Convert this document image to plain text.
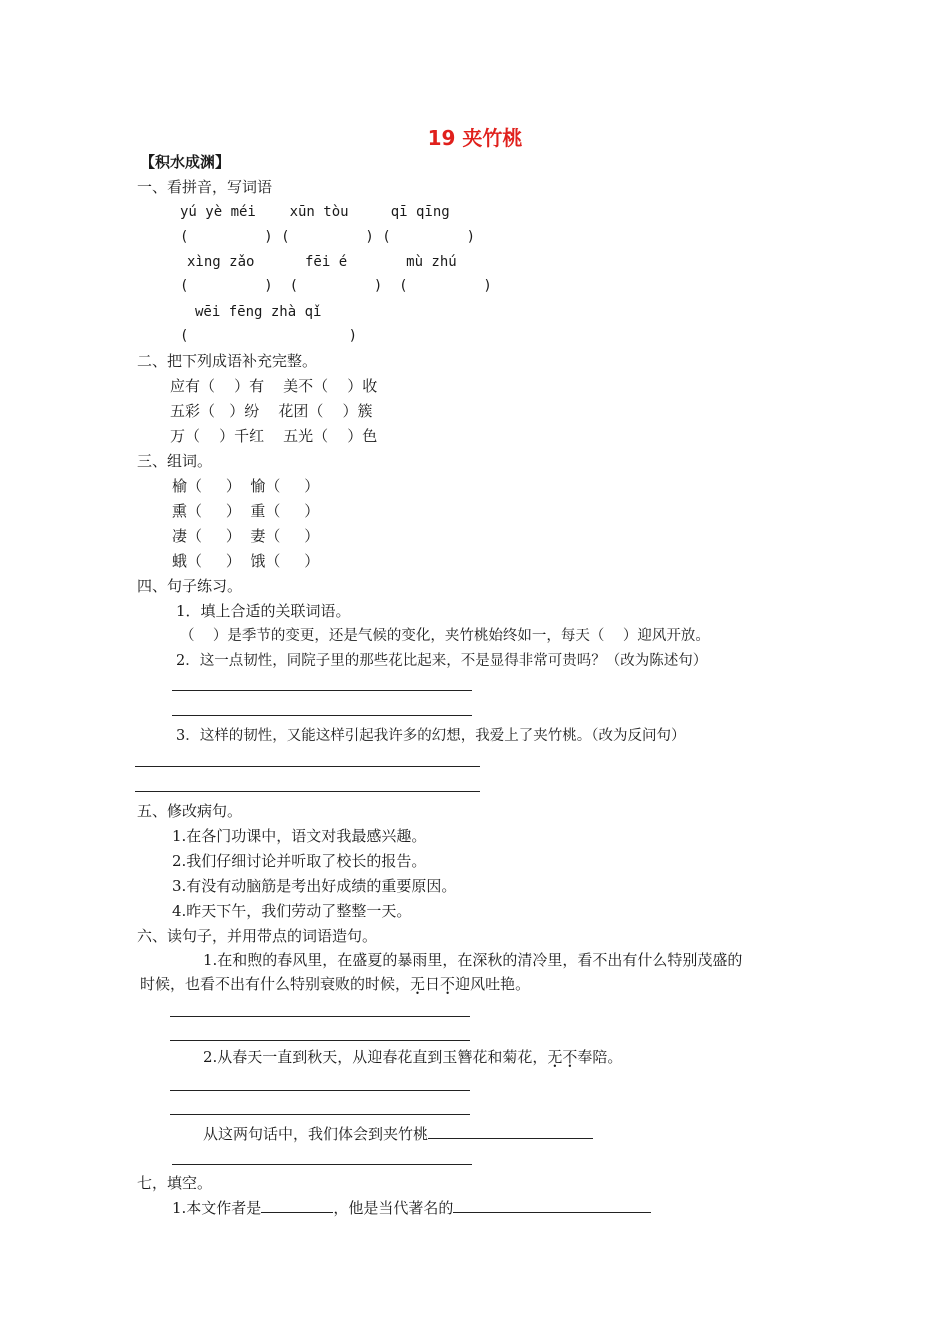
19 夹竹桃
【积水成渊】
一、看拼音，写词语
yú yè méi    xūn tòu     qī qīng
(         ) (         ) (         )
xìng zǎo      fēi é       mù zhú
(         )  (         )  (         )
wēi fēng zhà qǐ
(                   )
二、把下列成语补充完整。
应有（    ）有    美不（    ）收
五彩（   ）纷    花团（    ）簇
万（    ）千红    五光（    ）色
三、组词。
榆（     ）  愉（     ）
熏（     ）  重（     ）
凄（     ）  妻（     ）
蛾（     ）  饿（     ）
四、句子练习。
1．填上合适的关联词语。
（    ）是季节的变更，还是气候的变化，夹竹桃始终如一，每天（    ）迎风开放。
2．这一点韧性，同院子里的那些花比起来，不是显得非常可贵吗？（改为陈述句）
3．这样的韧性，又能这样引起我许多的幻想，我爱上了夹竹桃。（改为反问句）
五、修改病句。
1.在各门功课中，语文对我最感兴趣。
2.我们仔细讨论并听取了校长的报告。
3.有没有动脑筋是考出好成绩的重要原因。
4.昨天下午，我们劳动了整整一天。
六、读句子，并用带点的词语造句。
1.在和煦的春风里，在盛夏的暴雨里，在深秋的清冷里，看不出有什么特别茂盛的
时候，也看不出有什么特别衰败的时候，无日不迎风吐艳。
2.从春天一直到秋天，从迎春花直到玉簪花和菊花，无不奉陪。
从这两句话中，我们体会到夹竹桃
七，填空。
1.本文作者是	，他是当代著名的
